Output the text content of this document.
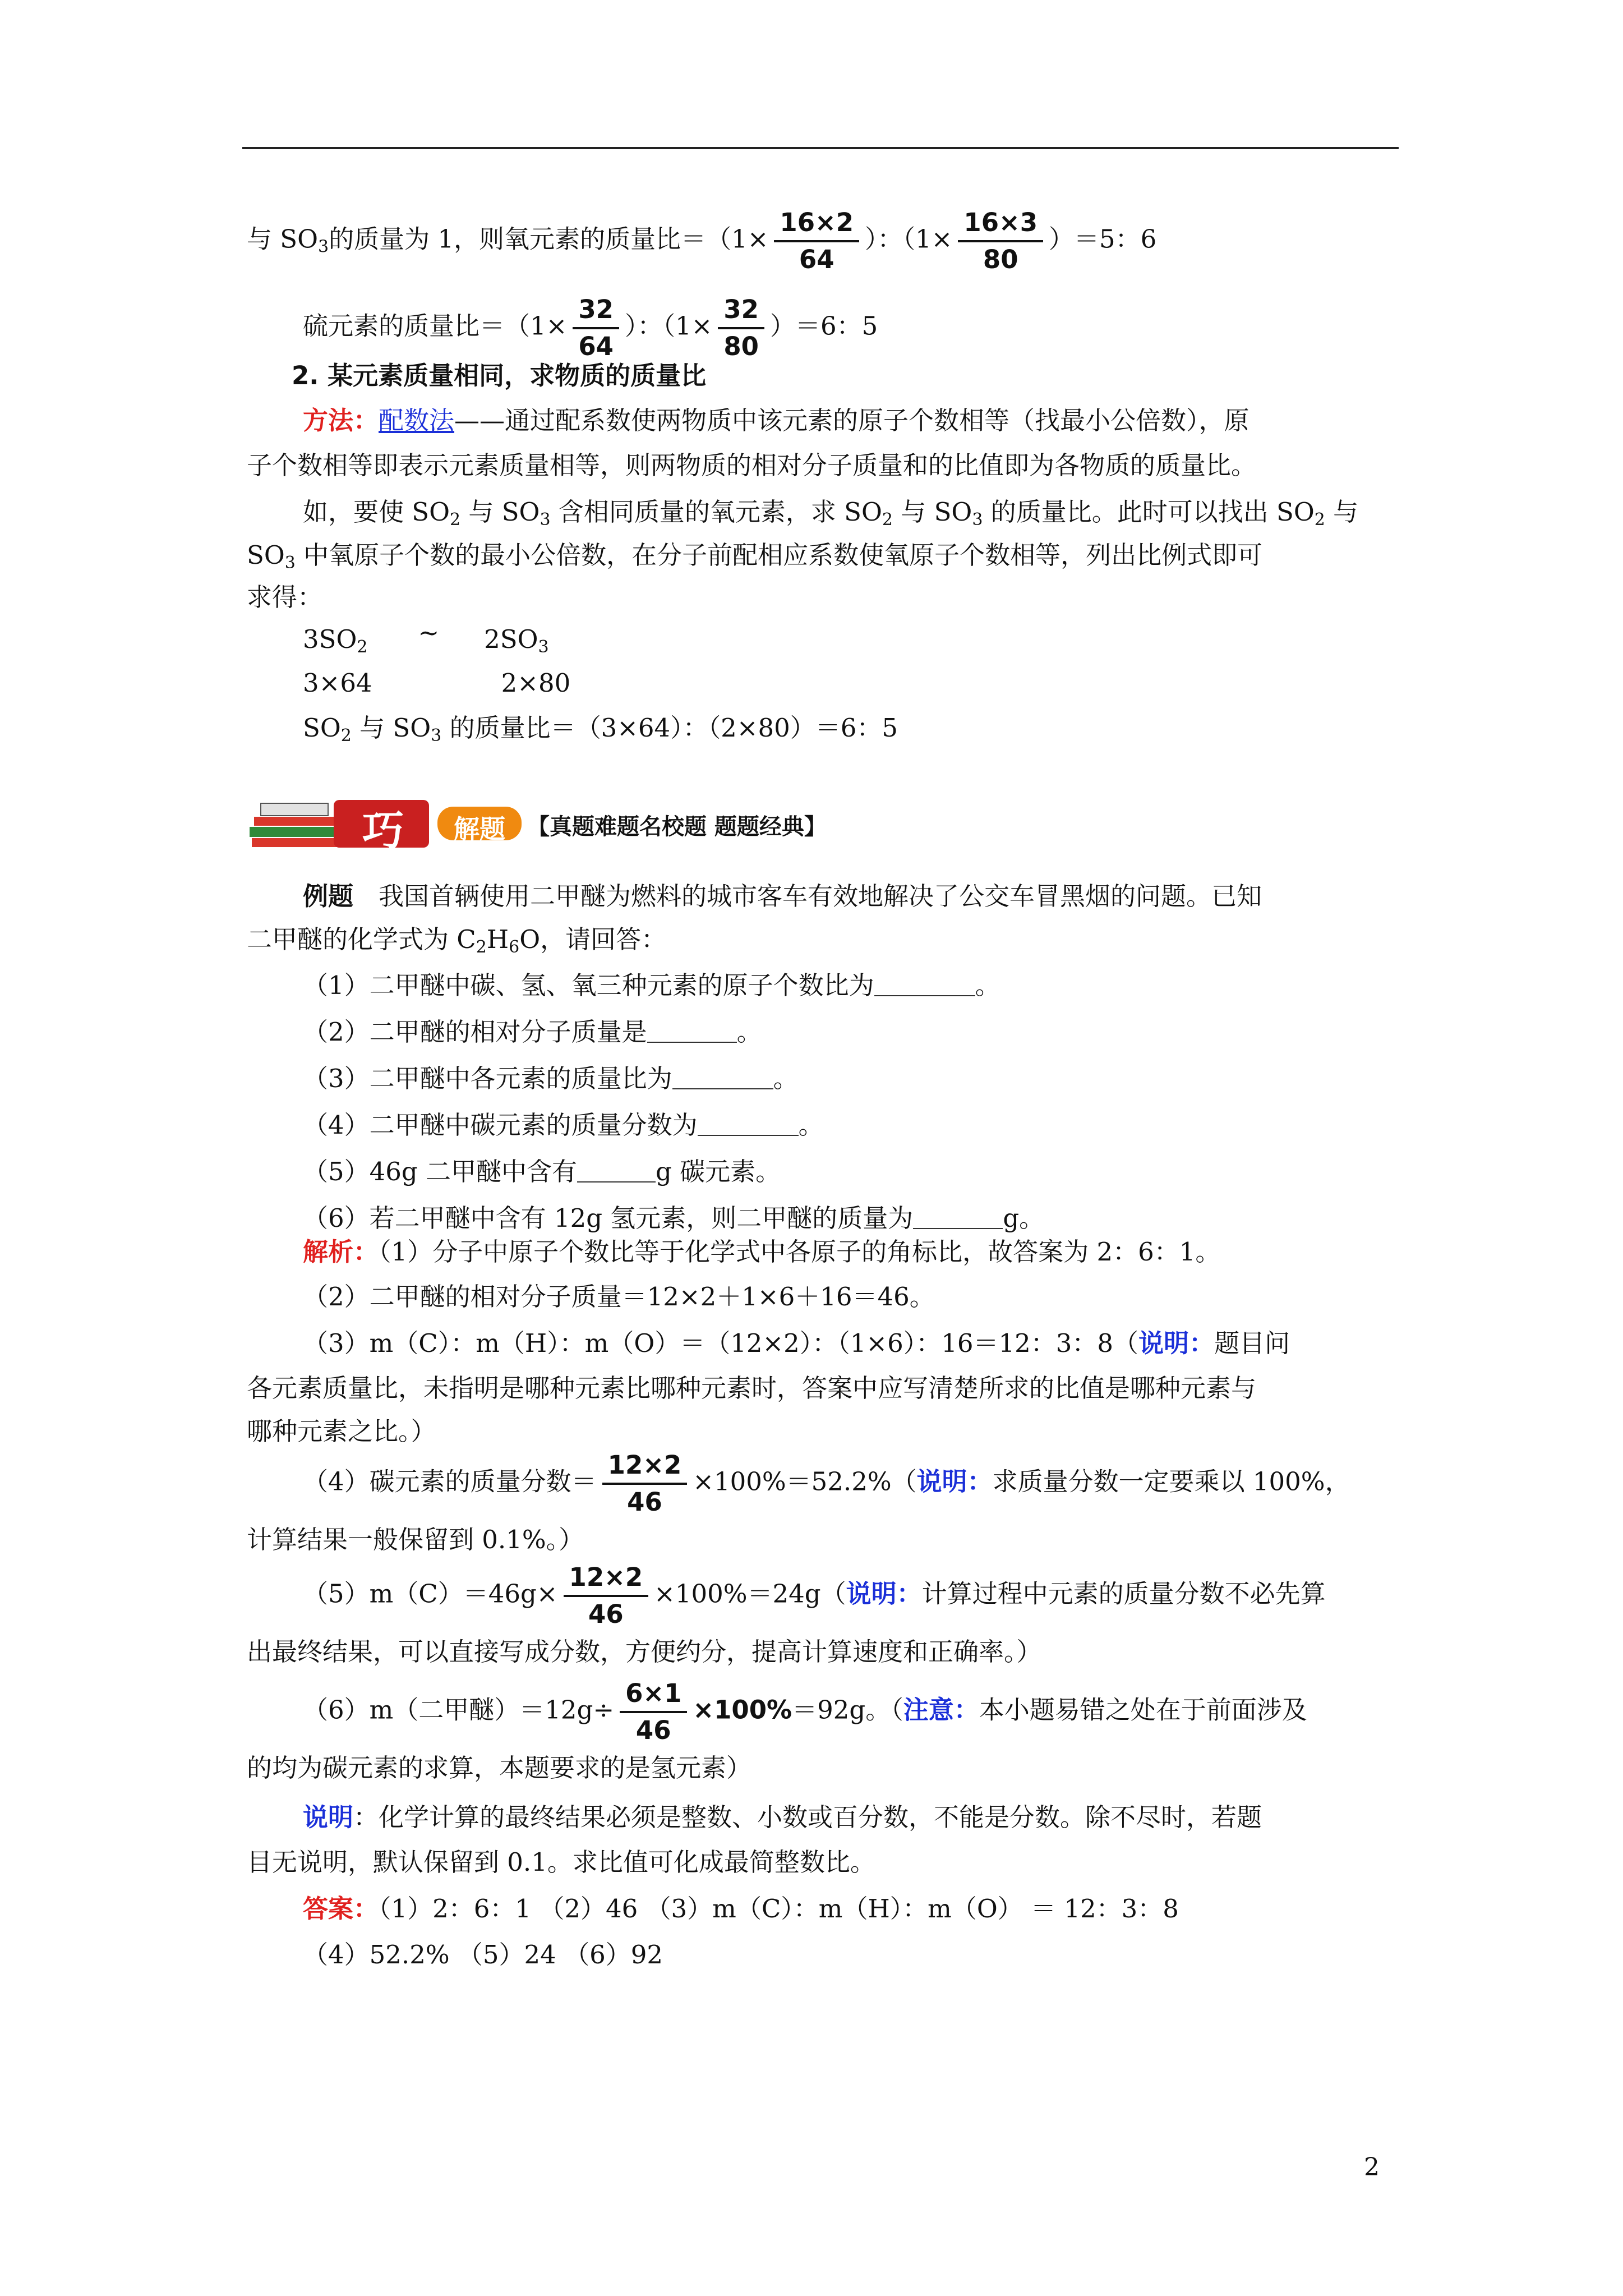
与 $SO_3$的质量为 1，则氧元素的质量比$=(1\times \frac{16\times 2}{64}$ ）：$(1\times \frac{16\times 3}{80} )=5$：6
硫元素的质量比$=(1\times \frac{32}{64}$ ）：$(1\times \frac{32}{80} )=6$：5
2. 某元素质量相同，求物质的质量比
方法：配数法——通过配系数使两物质中该元素的原子个数相等（找最小公倍数），原
子个数相等即表示元素质量相等，则两物质的相对分子质量和的比值即为各物质的质量比。
如，要使 $SO_2$ 与 $SO_3$ 含相同质量的氧元素，求 $SO_2$ 与 $SO_3$ 的质量比。此时可以找出 $SO_2$ 与
$SO_3$ 中氧原子个数的最小公倍数，在分子前配相应系数使氧原子个数相等，列出比例式即可
求得：
$3SO_2$ ~ $2SO_3$
3×64	2×80
$SO_2$ 与 $SO_3$ 的质量比＝（3×64）：（2×80）＝6：5
巧	解题 【真题难题名校题 题题经典】
例题 我国首辆使用二甲醚为燃料的城市客车有效地解决了公交车冒黑烟的问题。已知
二甲醚的化学式为 $C_2H_6O$，请回答：
（1）二甲醚中碳、氢、氧三种元素的原子个数比为	。
（2）二甲醚的相对分子质量是	。
（3）二甲醚中各元素的质量比为	。
（4）二甲醚中碳元素的质量分数为	。
（5）46g 二甲醚中含有	g 碳元素。
（6）若二甲醚中含有 12g 氢元素，则二甲醚的质量为	g。
解析：（1）分子中原子个数比等于化学式中各原子的角标比，故答案为 2：6：1。
（2）二甲醚的相对分子质量＝12×2＋1×6＋16＝46。
（3）m（C）：m（H）：m（O）＝（12×2）：（1×6）：16＝12：3：8（说明：题目问
各元素质量比，未指明是哪种元素比哪种元素时，答案中应写清楚所求的比值是哪种元素与
哪种元素之比。）
（4）碳元素的质量分数＝ $\frac{12\times 2}{46} \times 100\%=52.2\%$（说明：求质量分数一定要乘以 100%，
计算结果一般保留到 0.1%。）
$(5)m(C)=46g\times \frac{12\times 2}{46} \times 100\%=24g$（说明：计算过程中元素的质量分数不必先算
出最终结果，可以直接写成分数，方便约分，提高计算速度和正确率。）
（6）m（二甲醚）$=12g\div \frac{6\times 1}{46} \times 100\%=92g$。（注意：本小题易错之处在于前面涉及
的均为碳元素的求算，本题要求的是氢元素）
说明：化学计算的最终结果必须是整数、小数或百分数，不能是分数。除不尽时，若题
目无说明，默认保留到 0.1。求比值可化成最简整数比。
答案：（1）2：6：1 （2）46 （3）m（C）：m（H）：m（O） ＝ 12：3：8
（4）52.2% （5）24 （6）92
2
